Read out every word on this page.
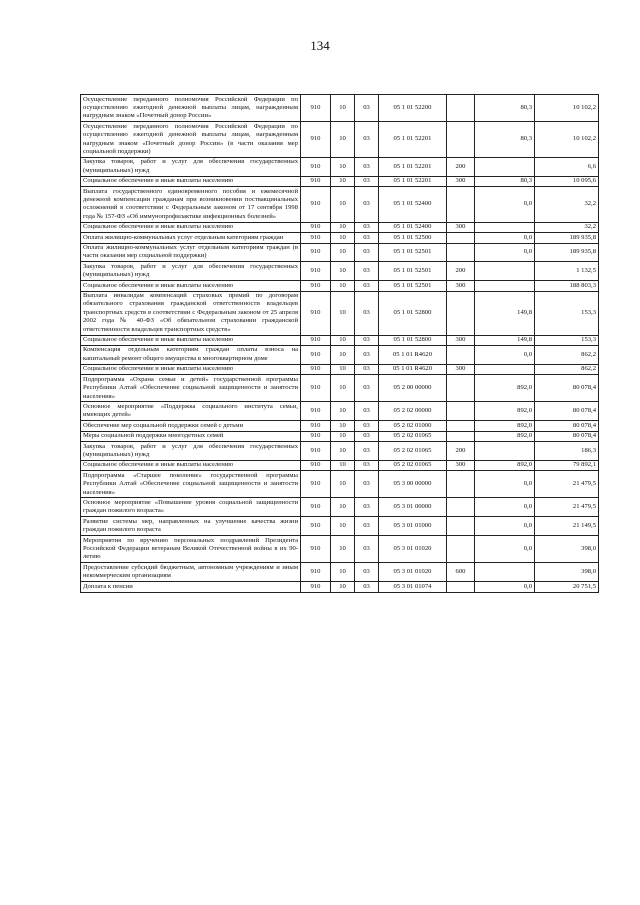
134
Осуществление переданного полномочия Российской Федерации по осуществлению ежегодной денежной выплаты лицам, награжденным нагрудным знаком «Почетный донор России»	910	10	03	05 1 01 52200		80,3	10 102,2
Осуществление переданного полномочия Российской Федерации по осуществлению ежегодной денежной выплаты лицам, награжденным нагрудным знаком «Почетный донор России» (в части оказания мер социальной поддержки)	910	10	03	05 1 01 52201		80,3	10 102,2
Закупка товаров, работ и услуг для обеспечения государственных (муниципальных) нужд	910	10	03	05 1 01 52201	200		6,6
Социальное обеспечение и иные выплаты населению	910	10	03	05 1 01 52201	300	80,3	10 095,6
Выплата государственного единовременного пособия и ежемесячной денежной компенсации гражданам при возникновении поствакцинальных осложнений в соответствии с Федеральным законом от 17 сентября 1998 года № 157-ФЗ «Об иммунопрофилактике инфекционных болезней»	910	10	03	05 1 01 52400		0,0	32,2
Социальное обеспечение и иные выплаты населению	910	10	03	05 1 01 52400	300		32,2
Оплата жилищно-коммунальных услуг отдельным категориям граждан	910	10	03	05 1 01 52500		0,0	189 935,8
Оплата жилищно-коммунальных услуг отдельным категориям граждан (в части оказания мер социальной поддержки)	910	10	03	05 1 01 52501		0,0	189 935,8
Закупка товаров, работ и услуг для обеспечения государственных (муниципальных) нужд	910	10	03	05 1 01 52501	200		1 132,5
Социальное обеспечение и иные выплаты населению	910	10	03	05 1 01 52501	300		188 803,3
Выплата инвалидам компенсаций страховых премий по договорам обязательного страхования гражданской ответственности владельцев транспортных средств в соответствии с Федеральным законом от 25 апреля 2002 года № 40-ФЗ «Об обязательном страховании гражданской ответственности владельцев транспортных средств»	910	10	03	05 1 01 52800		149,8	153,3
Социальное обеспечение и иные выплаты населению	910	10	03	05 1 01 52800	300	149,8	153,3
Компенсация отдельным категориям граждан оплаты взноса на капитальный ремонт общего имущества в многоквартирном доме	910	10	03	05 1 01 R4620		0,0	862,2
Социальное обеспечение и иные выплаты населению	910	10	03	05 1 01 R4620	300		862,2
Подпрограмма «Охрана семьи и детей» государственной программы Республики Алтай «Обеспечение социальной защищенности и занятости населения»	910	10	03	05 2 00 00000		892,0	80 078,4
Основное мероприятие «Поддержка социального института семьи, имеющих детей»	910	10	03	05 2 02 00000		892,0	80 078,4
Обеспечение мер социальной поддержки семей с детьми	910	10	03	05 2 02 01000		892,0	80 078,4
Меры социальной поддержки многодетных семей	910	10	03	05 2 02 01065		892,0	80 078,4
Закупка товаров, работ и услуг для обеспечения государственных (муниципальных) нужд	910	10	03	05 2 02 01065	200		186,3
Социальное обеспечение и иные выплаты населению	910	10	03	05 2 02 01065	300	892,0	79 892,1
Подпрограмма «Старшее поколение» государственной программы Республики Алтай «Обеспечение социальной защищенности и занятости населения»	910	10	03	05 3 00 00000		0,0	21 479,5
Основное мероприятие «Повышение уровня социальной защищенности граждан пожилого возраста»	910	10	03	05 3 01 00000		0,0	21 479,5
Развитие системы мер, направленных на улучшение качества жизни граждан пожилого возраста	910	10	03	05 3 01 01000		0,0	21 149,5
Мероприятия по вручению персональных поздравлений Президента Российской Федерации ветеранам Великой Отечественной войны в их 90-летию	910	10	03	05 3 01 01020		0,0	398,0
Предоставление субсидий бюджетным, автономным учреждениям и иным некоммерческим организациям	910	10	03	05 3 01 01020	600		398,0
Доплата к пенсии	910	10	03	05 3 01 01074		0,0	20 751,5
